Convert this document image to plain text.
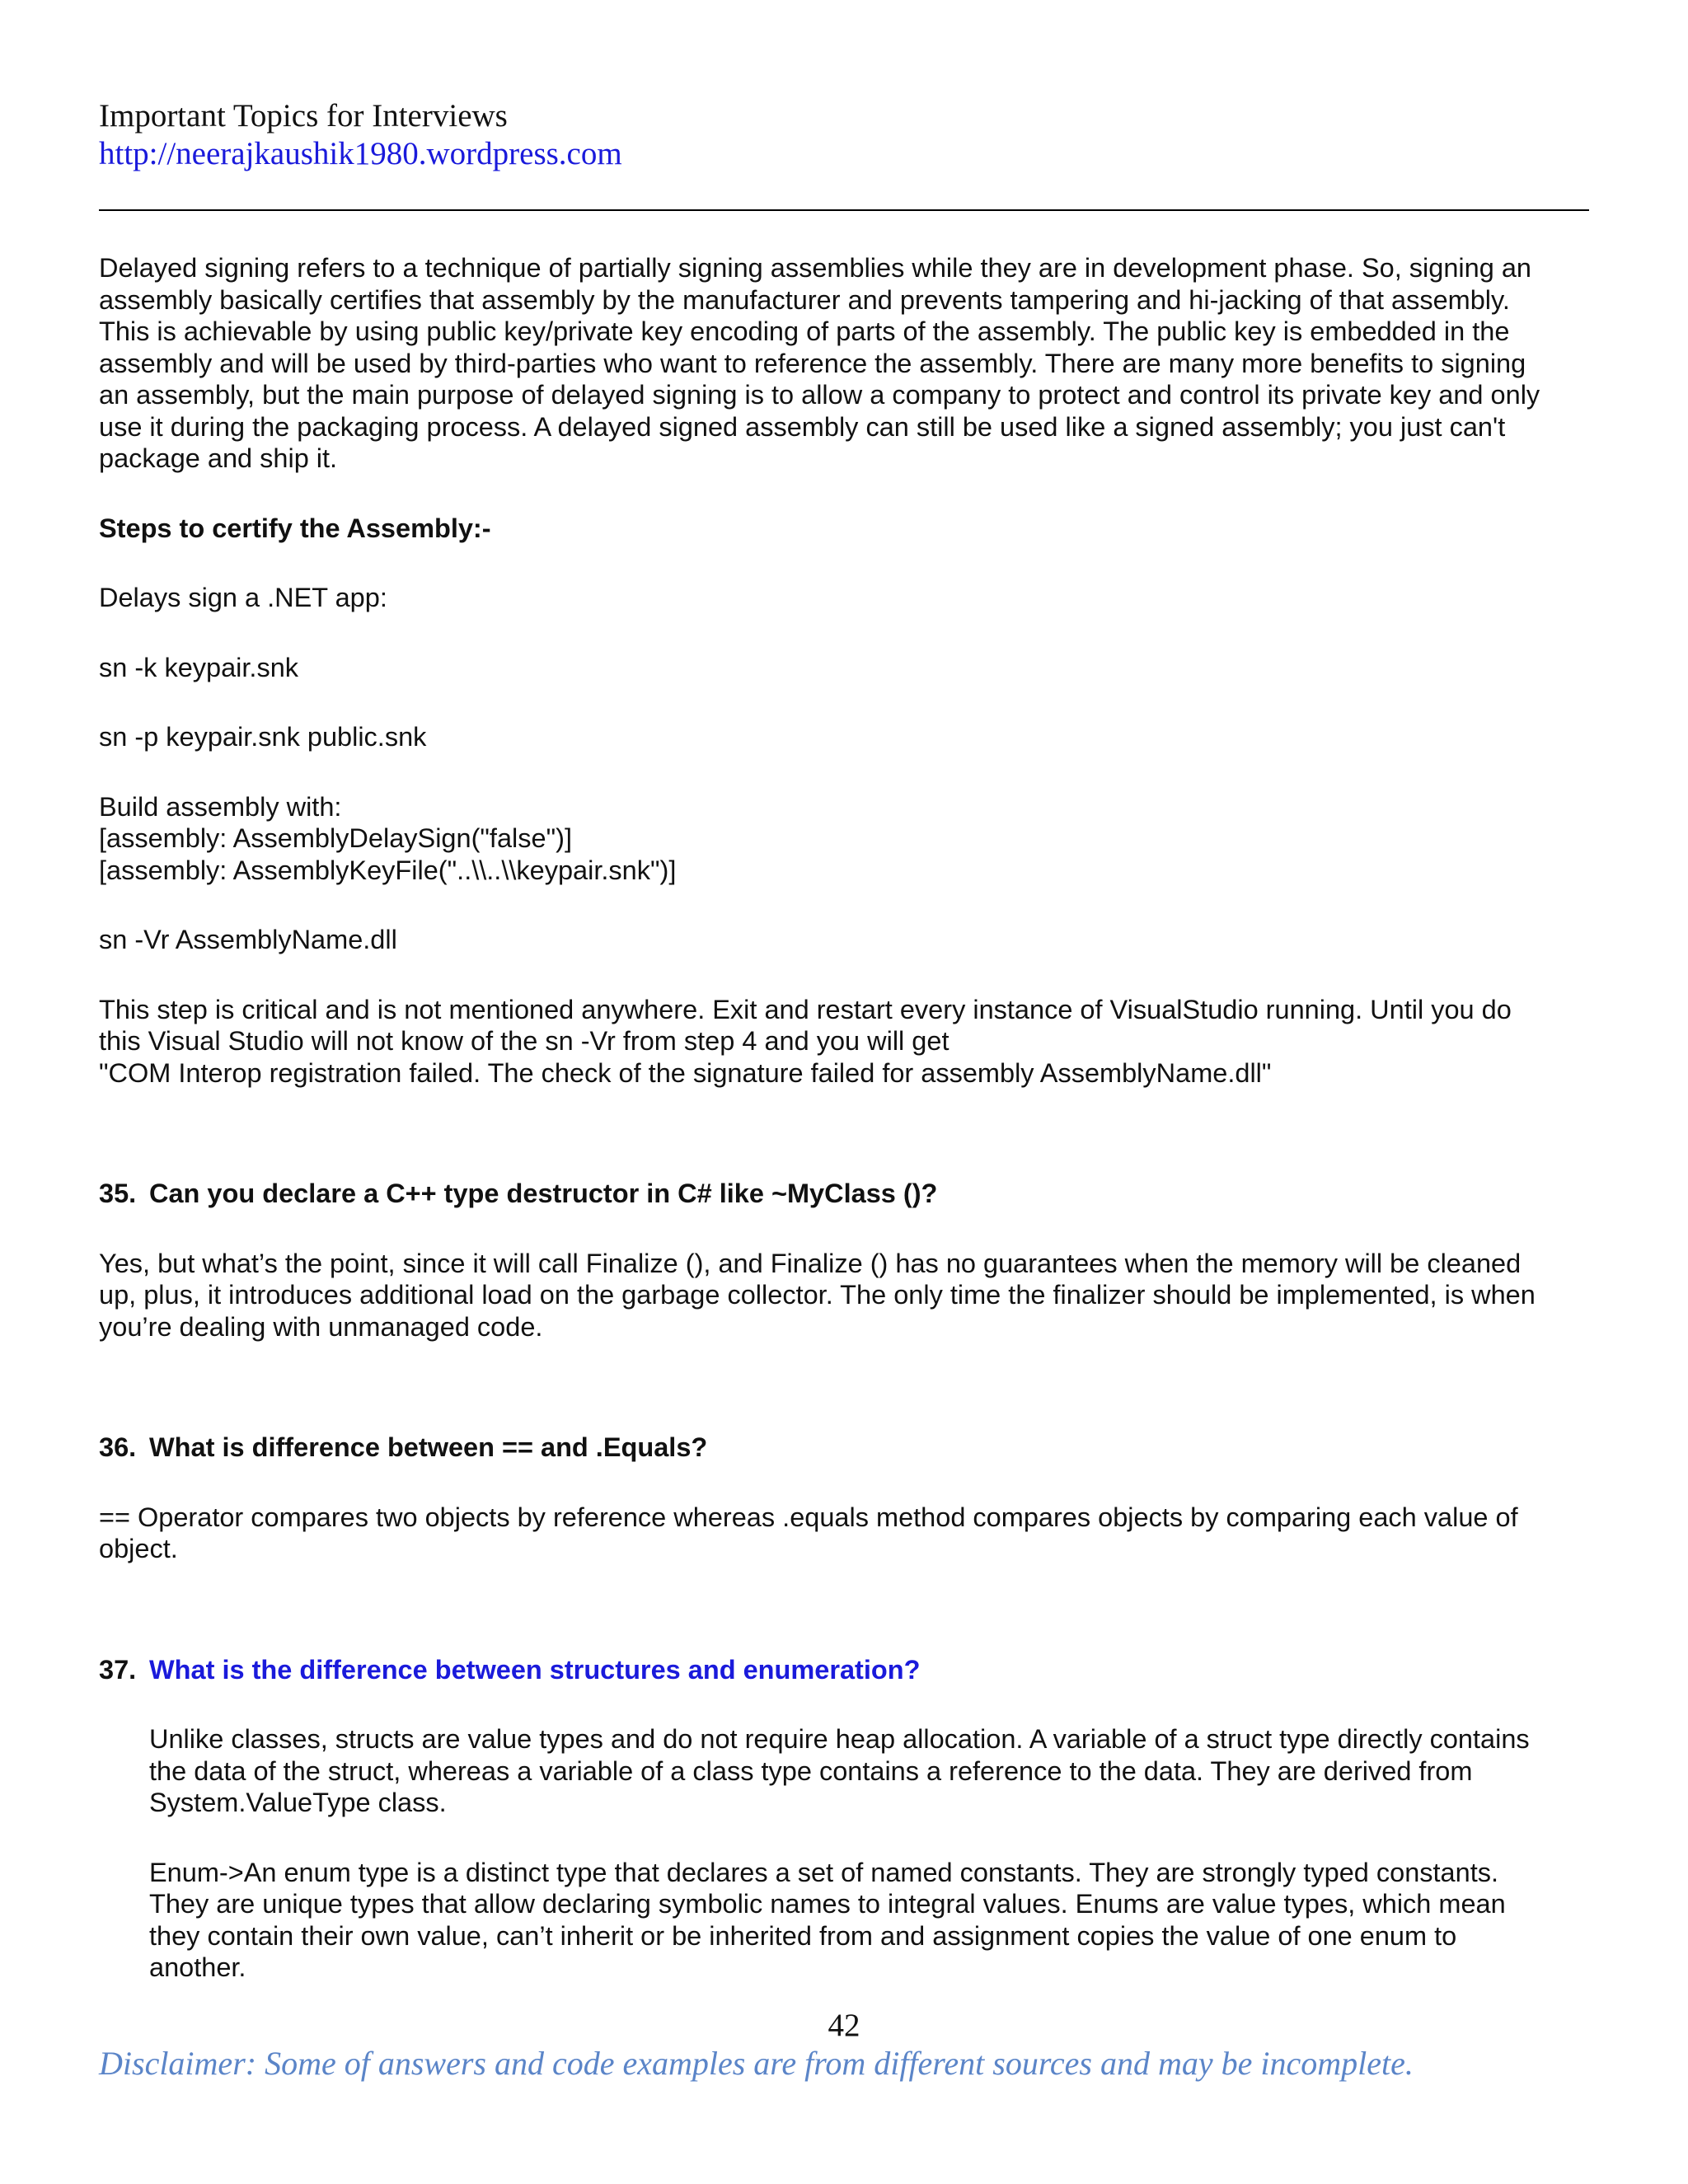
Important Topics for Interviews
http://neerajkaushik1980.wordpress.com

Delayed signing refers to a technique of partially signing assemblies while they are in development phase. So, signing an
assembly basically certifies that assembly by the manufacturer and prevents tampering and hi-jacking of that assembly.
This is achievable by using public key/private key encoding of parts of the assembly. The public key is embedded in the
assembly and will be used by third-parties who want to reference the assembly. There are many more benefits to signing
an assembly, but the main purpose of delayed signing is to allow a company to protect and control its private key and only
use it during the packaging process. A delayed signed assembly can still be used like a signed assembly; you just can't
package and ship it.

Steps to certify the Assembly:-

Delays sign a .NET app:

sn -k keypair.snk

sn -p keypair.snk public.snk

Build assembly with:
[assembly: AssemblyDelaySign("false")]
[assembly: AssemblyKeyFile("..\\..\\keypair.snk")]

sn -Vr AssemblyName.dll

This step is critical and is not mentioned anywhere. Exit and restart every instance of VisualStudio running. Until you do
this Visual Studio will not know of the sn -Vr from step 4 and you will get
"COM Interop registration failed. The check of the signature failed for assembly AssemblyName.dll"

35. Can you declare a C++ type destructor in C# like ~MyClass ()?

Yes, but what’s the point, since it will call Finalize (), and Finalize () has no guarantees when the memory will be cleaned
up, plus, it introduces additional load on the garbage collector. The only time the finalizer should be implemented, is when
you’re dealing with unmanaged code.

36. What is difference between == and .Equals?

== Operator compares two objects by reference whereas .equals method compares objects by comparing each value of
object.

37. What is the difference between structures and enumeration?

Unlike classes, structs are value types and do not require heap allocation. A variable of a struct type directly contains
the data of the struct, whereas a variable of a class type contains a reference to the data. They are derived from
System.ValueType class.

Enum->An enum type is a distinct type that declares a set of named constants. They are strongly typed constants.
They are unique types that allow declaring symbolic names to integral values. Enums are value types, which mean
they contain their own value, can’t inherit or be inherited from and assignment copies the value of one enum to
another.

42
Disclaimer: Some of answers and code examples are from different sources and may be incomplete.
